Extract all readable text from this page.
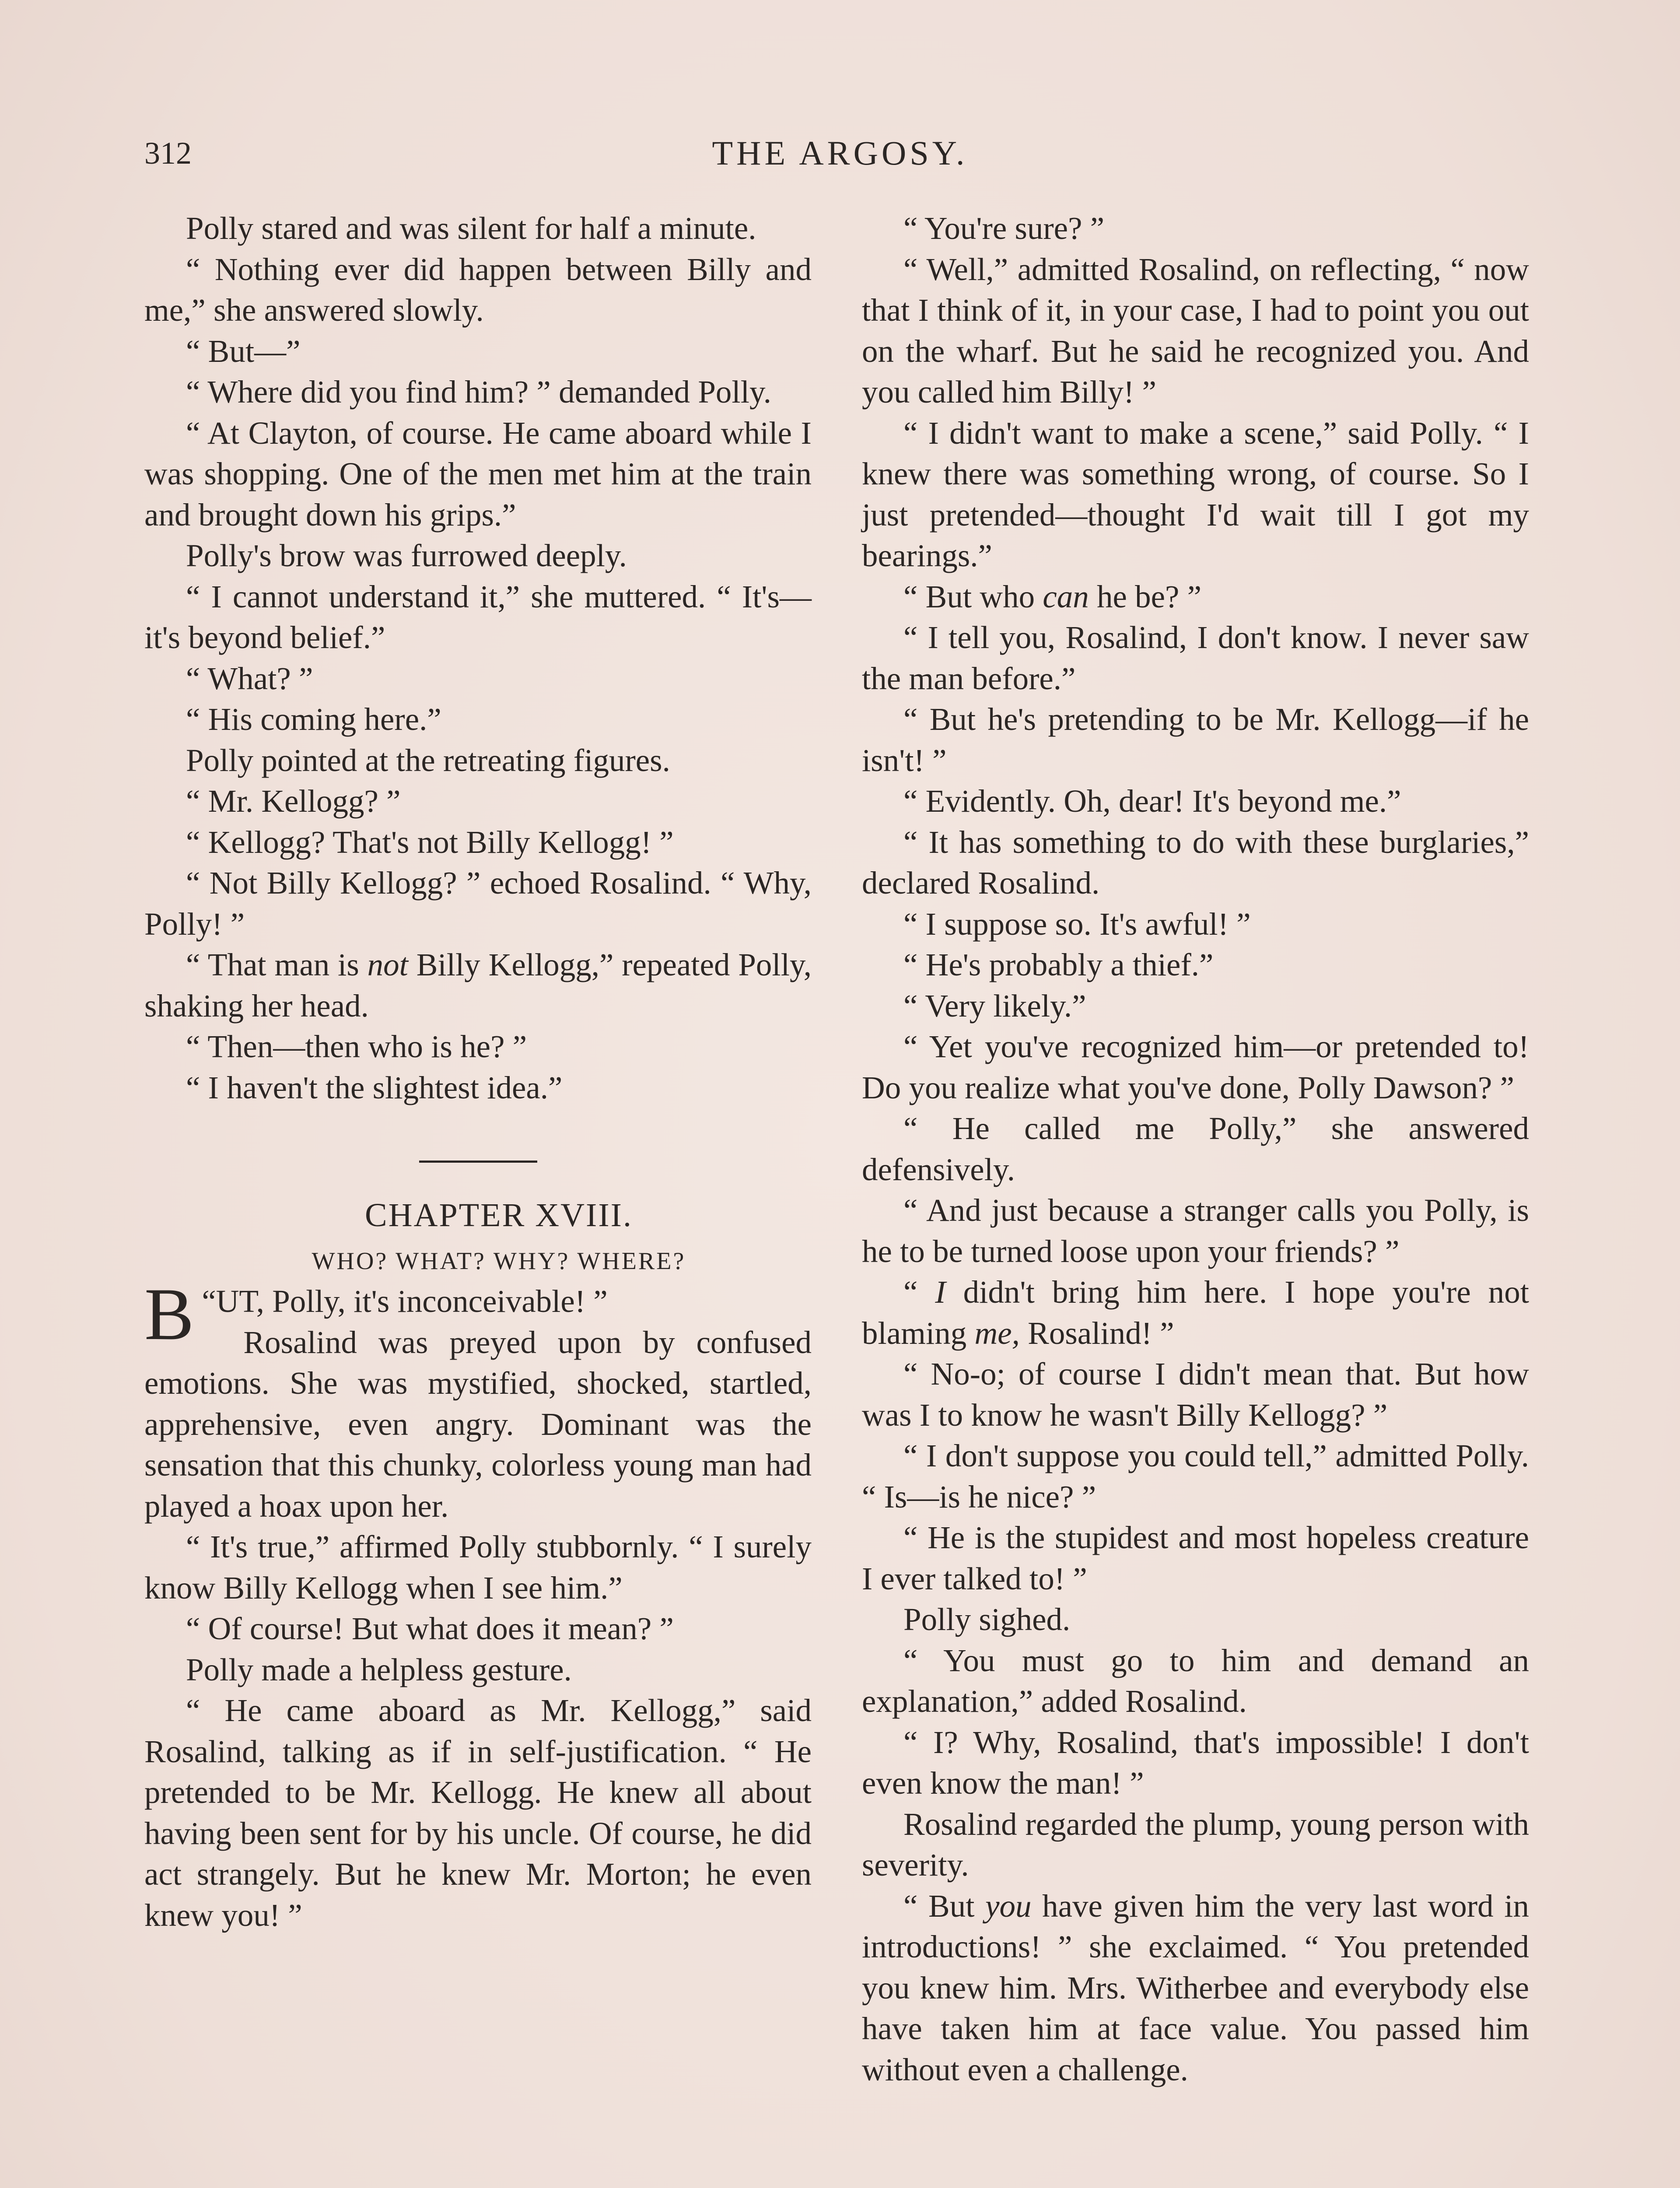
312	THE ARGOSY.

Polly stared and was silent for half a minute.

“ Nothing ever did happen between Billy and me,” she answered slowly.

“ But—”

“ Where did you find him? ” demanded Polly.

“ At Clayton, of course. He came aboard while I was shopping. One of the men met him at the train and brought down his grips.”

Polly's brow was furrowed deeply.

“ I cannot understand it,” she muttered. “ It's—it's beyond belief.”

“ What? ”

“ His coming here.”

Polly pointed at the retreating figures.

“ Mr. Kellogg? ”

“ Kellogg? That's not Billy Kellogg! ”

“ Not Billy Kellogg? ” echoed Rosalind. “ Why, Polly! ”

“ That man is not Billy Kellogg,” repeated Polly, shaking her head.

“ Then—then who is he? ”

“ I haven't the slightest idea.”

CHAPTER XVIII.

WHO? WHAT? WHY? WHERE?

“
B UT, Polly, it's inconceivable! ”

Rosalind was preyed upon by confused emotions. She was mystified, shocked, startled, apprehensive, even angry. Dominant was the sensation that this chunky, colorless young man had played a hoax upon her.

“ It's true,” affirmed Polly stubbornly. “ I surely know Billy Kellogg when I see him.”

“ Of course! But what does it mean? ”

Polly made a helpless gesture.

“ He came aboard as Mr. Kellogg,” said Rosalind, talking as if in self-justification. “ He pretended to be Mr. Kellogg. He knew all about having been sent for by his uncle. Of course, he did act strangely. But he knew Mr. Morton; he even knew you! ”

“ You're sure? ”

“ Well,” admitted Rosalind, on reflecting, “ now that I think of it, in your case, I had to point you out on the wharf. But he said he recognized you. And you called him Billy! ”

“ I didn't want to make a scene,” said Polly. “ I knew there was something wrong, of course. So I just pretended—thought I'd wait till I got my bearings.”

“ But who can he be? ”

“ I tell you, Rosalind, I don't know. I never saw the man before.”

“ But he's pretending to be Mr. Kellogg—if he isn't! ”

“ Evidently. Oh, dear! It's beyond me.”

“ It has something to do with these burglaries,” declared Rosalind.

“ I suppose so. It's awful! ”

“ He's probably a thief.”

“ Very likely.”

“ Yet you've recognized him—or pretended to! Do you realize what you've done, Polly Dawson? ”

“ He called me Polly,” she answered defensively.

“ And just because a stranger calls you Polly, is he to be turned loose upon your friends? ”

“ I didn't bring him here. I hope you're not blaming me, Rosalind! ”

“ No-o; of course I didn't mean that. But how was I to know he wasn't Billy Kellogg? ”

“ I don't suppose you could tell,” admitted Polly. “ Is—is he nice? ”

“ He is the stupidest and most hopeless creature I ever talked to! ”

Polly sighed.

“ You must go to him and demand an explanation,” added Rosalind.

“ I? Why, Rosalind, that's impossible! I don't even know the man! ”

Rosalind regarded the plump, young person with severity.

“ But you have given him the very last word in introductions! ” she exclaimed. “ You pretended you knew him. Mrs. Witherbee and everybody else have taken him at face value. You passed him without even a challenge.
